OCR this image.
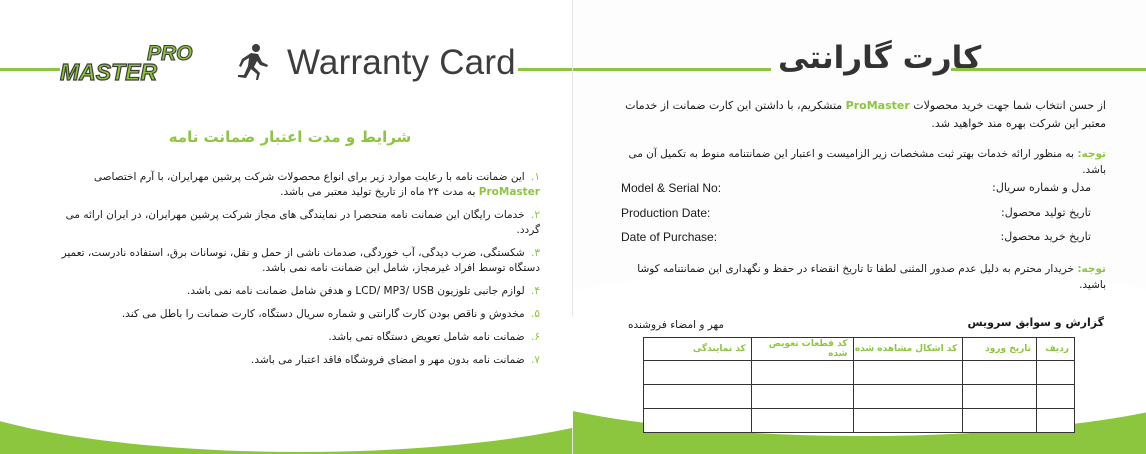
PRO
MASTER	Warranty Card
شرایط و مدت اعتبار ضمانت نامه
۱. این ضمانت نامه با رعایت موارد زیر برای انواع محصولات شرکت پرشین مهرایران، با آرم اختصاصی ProMaster به مدت ۲۴ ماه از تاریخ تولید معتبر می باشد.
۲. خدمات رایگان این ضمانت نامه منحصرا در نمایندگی های مجاز شرکت پرشین مهرایران، در ایران ارائه می گردد.
۳. شکستگی، ضرب دیدگی، آب خوردگی، صدمات ناشی از حمل و نقل، نوسانات برق، استفاده نادرست، تعمیر دستگاه توسط افراد غیرمجاز، شامل این ضمانت نامه نمی باشد.
۴. لوازم جانبی تلوزیون LCD/ MP3/ USB و هدفن شامل ضمانت نامه نمی باشد.
۵. مخدوش و ناقص بودن کارت گارانتی و شماره سریال دستگاه، کارت ضمانت را باطل می کند.
۶. ضمانت نامه شامل تعویض دستگاه نمی باشد.
۷. ضمانت نامه بدون مهر و امضای فروشگاه فاقد اعتبار می باشد.
کارت گارانتی
از حسن انتخاب شما جهت خرید محصولات ProMaster متشکریم، با داشتن این کارت ضمانت از خدمات معتبر این شرکت بهره مند خواهید شد.
توجه: به منظور ارائه خدمات بهتر ثبت مشخصات زیر الزامیست و اعتبار این ضمانتنامه منوط به تکمیل آن می باشد.
Model & Serial No:	مدل و شماره سریال:
Production Date:	تاریخ تولید محصول:
Date of Purchase:	تاریخ خرید محصول:
توجه: خریدار محترم به دلیل عدم صدور المثنی لطفا تا تاریخ انقضاء در حفظ و نگهداری این ضمانتنامه کوشا باشید.
گزارش و سوابق سرویس
مهر و امضاء فروشنده
ردیف	تاریخ ورود	کد اشکال مشاهده شده	کد قطعات تعویض شده	کد نمایندگی
